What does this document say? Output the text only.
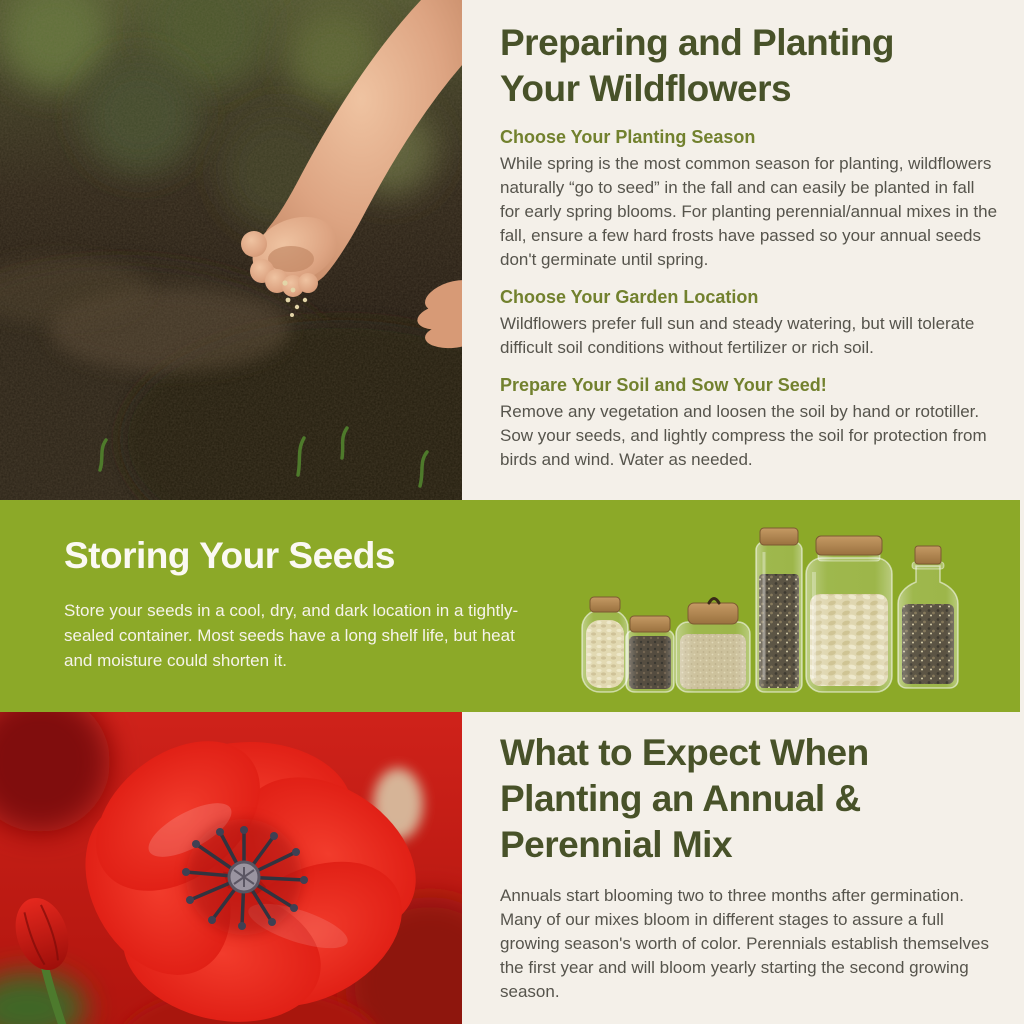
Preparing and Planting
Your Wildflowers
Choose Your Planting Season

While spring is the most common season for planting, wildflowers naturally “go to seed” in the fall and can easily be planted in fall for early spring blooms. For planting perennial/annual mixes in the fall, ensure a few hard frosts have passed so your annual seeds don't germinate until spring.

Choose Your Garden Location

Wildflowers prefer full sun and steady watering, but will tolerate difficult soil conditions without fertilizer or rich soil.

Prepare Your Soil and Sow Your Seed!

Remove any vegetation and loosen the soil by hand or rototiller. Sow your seeds, and lightly compress the soil for protection from birds and wind. Water as needed.

Storing Your Seeds

Store your seeds in a cool, dry, and dark location in a tightly-sealed container. Most seeds have a long shelf life, but heat and moisture could shorten it.

What to Expect When
Planting an Annual &
Perennial Mix

Annuals start blooming two to three months after germination. Many of our mixes bloom in different stages to assure a full growing season's worth of color. Perennials establish themselves the first year and will bloom yearly starting the second growing season.
